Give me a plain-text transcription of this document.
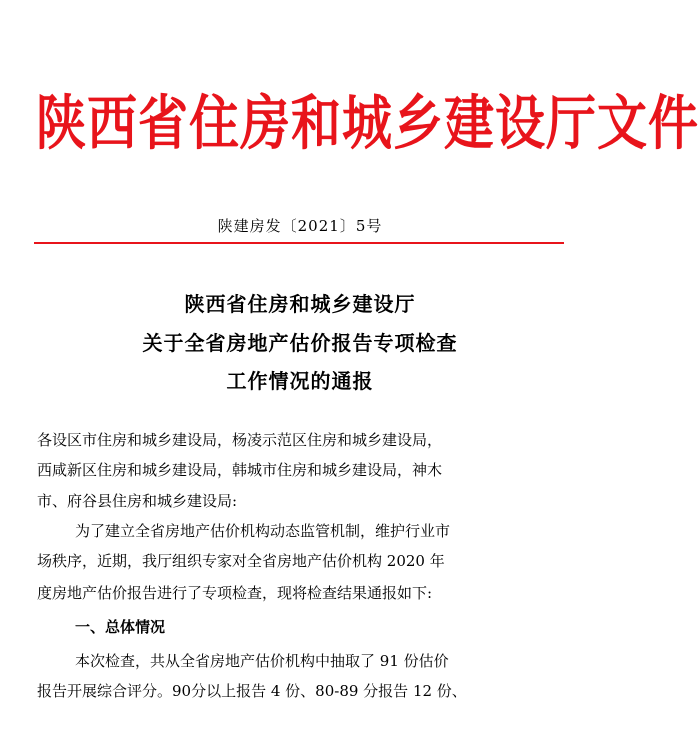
陕西省住房和城乡建设厅文件
陕建房发〔2021〕5号
陕西省住房和城乡建设厅
关于全省房地产估价报告专项检查
工作情况的通报
各设区市住房和城乡建设局，杨凌示范区住房和城乡建设局，
西咸新区住房和城乡建设局，韩城市住房和城乡建设局，神木
市、府谷县住房和城乡建设局:
为了建立全省房地产估价机构动态监管机制，维护行业市
场秩序，近期，我厅组织专家对全省房地产估价机构 2020 年
度房地产估价报告进行了专项检查，现将检查结果通报如下:
一、总体情况
本次检查，共从全省房地产估价机构中抽取了 91 份估价
报告开展综合评分。90分以上报告 4 份、80-89 分报告 12 份、
